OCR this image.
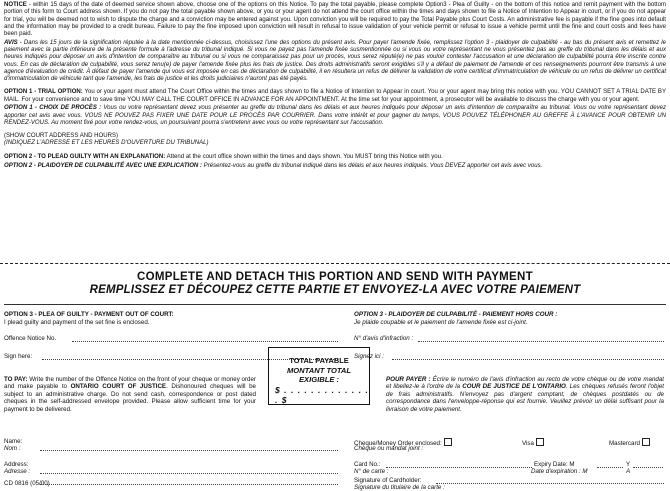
NOTICE - within 15 days of the date of deemed service shown above, choose one of the options on this Notice. To pay the total payable, please complete Option3 - Plea of Guilty - on the bottom of this notice and remit payment with the bottom portion of this form to Court address shown. If you do not pay the total payable shown above, or you or your agent do not attend the court office within the times and days shown to file a Notice of Intention to Appear in court, or if you do not appear for trial, you will be deemed not to wish to dispute the charge and a conviction may be entered against you. Upon conviction you will be required to pay the Total Payable plus Court Costs. An administrative fee is payable if the fine goes into default and the information may be provided to a credit bureau. Failure to pay the fine imposed upon conviction will result in refusal to issue validation of your vehicle permit or refusal to issue a vehicle permit until the fine and court costs and fees have been paid.

AVIS - Dans les 15 jours de la signification réputée à la date mentionnée ci-dessus, choisissez l'une des options du présent avis. Pour payer l'amende fixée, remplissez l'option 3 - plaidoyer de culpabilité - au bas du présent avis et remettez le paiement avec la partie inférieure de la présente formule à l'adresse du tribunal indiqué. Si vous ne payez pas l'amende fixée susmentionnée ou si vous ou votre représentant ne vous présentez pas au greffe du tribunal dans les délais et aux heures indiqués pour déposer un avis d'intention de comparaître au tribunal ou si vous ne comparaissez pas pour un procès, vous serez réputé(e) ne pas vouloir contester l'accusation et une déclaration de culpabilité pourra être inscrite contre vous. En cas de déclaration de culpabilité, vous serez tenu(e) de payer l'amende fixée plus les frais de justice. Des droits administratifs seront exigibles s'il y a défaut de paiement de l'amende et ces renseignements pourront être transmis à une agence d'évaluation de crédit. À défaut de payer l'amende qui vous est imposée en cas de déclaration de culpabilité, il en résultera un refus de délivrer la validation de votre certificat d'immatriculation de véhicule ou un refus de délivrer un certificat d'immatriculation de véhicule tant que l'amende, les frais de justice et les droits judiciaires n'auront pas été payés.

OPTION 1 - TRIAL OPTION: You or your agent must attend The Court Office within the times and days shown to file a Notice of Intention to Appear in court. You or your agent may bring this notice with you. YOU CANNOT SET A TRIAL DATE BY MAIL. For your convenience and to save time YOU MAY CALL THE COURT OFFICE IN ADVANCE FOR AN APPOINTMENT. At the time set for your appointment, a prosecutor will be available to discuss the charge with you or your agent.

OPTION 1 - CHOIX DE PROCÈS : Vous ou votre représentant devez vous présenter au greffe du tribunal dans les délais et aux heures indiqués pour déposer un avis d'intention de comparaître au tribunal. Vous ou votre représentant devez apporter cet avis avec vous. VOUS NE POUVEZ PAS FIXER UNE DATE POUR LE PROCÈS PAR COURRIER. Dans votre intérêt et pour gagner du temps, VOUS POUVEZ TÉLÉPHONER AU GREFFE À L'AVANCE POUR OBTENIR UN RENDEZ-VOUS. Au moment fixé pour votre rendez-vous, un poursuivant pourra s'entretenir avec vous ou votre représentant sur l'accusation.

(SHOW COURT ADDRESS AND HOURS)

(INDIQUEZ L'ADRESSE ET LES HEURES D'OUVERTURE DU TRIBUNAL)

OPTION 2 - TO PLEAD GUILTY WITH AN EXPLANATION: Attend at the court office shown within the times and days shown. You MUST bring this Notice with you.

OPTION 2 - PLAIDOYER DE CULPABILITÉ AVEC UNE EXPLICATION : Présentez-vous au greffe du tribunal indiqué dans les délais et aux heures indiqués. Vous DEVEZ apporter cet avis avec vous.

COMPLETE AND DETACH THIS PORTION AND SEND WITH PAYMENT
REMPLISSEZ ET DÉCOUPEZ CETTE PARTIE ET ENVOYEZ-LA AVEC VOTRE PAIEMENT
OPTION 3 - PLEA OF GUILTY - PAYMENT OUT OF COURT:
I plead guilty and payment of the set fine is enclosed.
OPTION 3 - PLAIDOYER DE CULPABILITÉ - PAIEMENT HORS COUR :
Je plaide coupable et le paiement de l'amende fixée est ci-joint.
Offence Notice No.	N° d'avis d'infraction :
Sign here:	Signez ici :
TO PAY: Write the number of the Offence Notice on the front of your cheque or money order and make payable to ONTARIO COURT OF JUSTICE. Dishonoured cheques will be subject to an administrative charge. Do not send cash, correspondence or post dated cheques in the self-addressed envelope provided. Please allow sufficient time for your payment to be delivered.
TOTAL PAYABLE
MONTANT TOTAL EXIGIBLE :
$ . . . . . . . . . . . . . . $
POUR PAYER : Écrire le numéro de l'avis d'infraction au recto de votre chèque ou de votre mandat et libellez-le à l'ordre de la COUR DE JUSTICE DE L'ONTARIO. Les chèques refusés feront l'objet de frais administratifs. N'envoyez pas d'argent comptant, de chèques postdatés ou de correspondance dans l'enveloppe-réponse qui est fournie. Veuillez prévoir un délai suffisant pour la livraison de votre paiement.
Name:
Nom :
Address:
Adresse :
CD 0816 (05/00)
Cheque/Money Order enclosed:
Chèque ou mandat joint :
Visa	Mastercard
Card No.:
N° de carte :
Expiry Date: M	Y
Date d'expiration : M	A
Signature of Cardholder:
Signature du titulaire de la carte :
